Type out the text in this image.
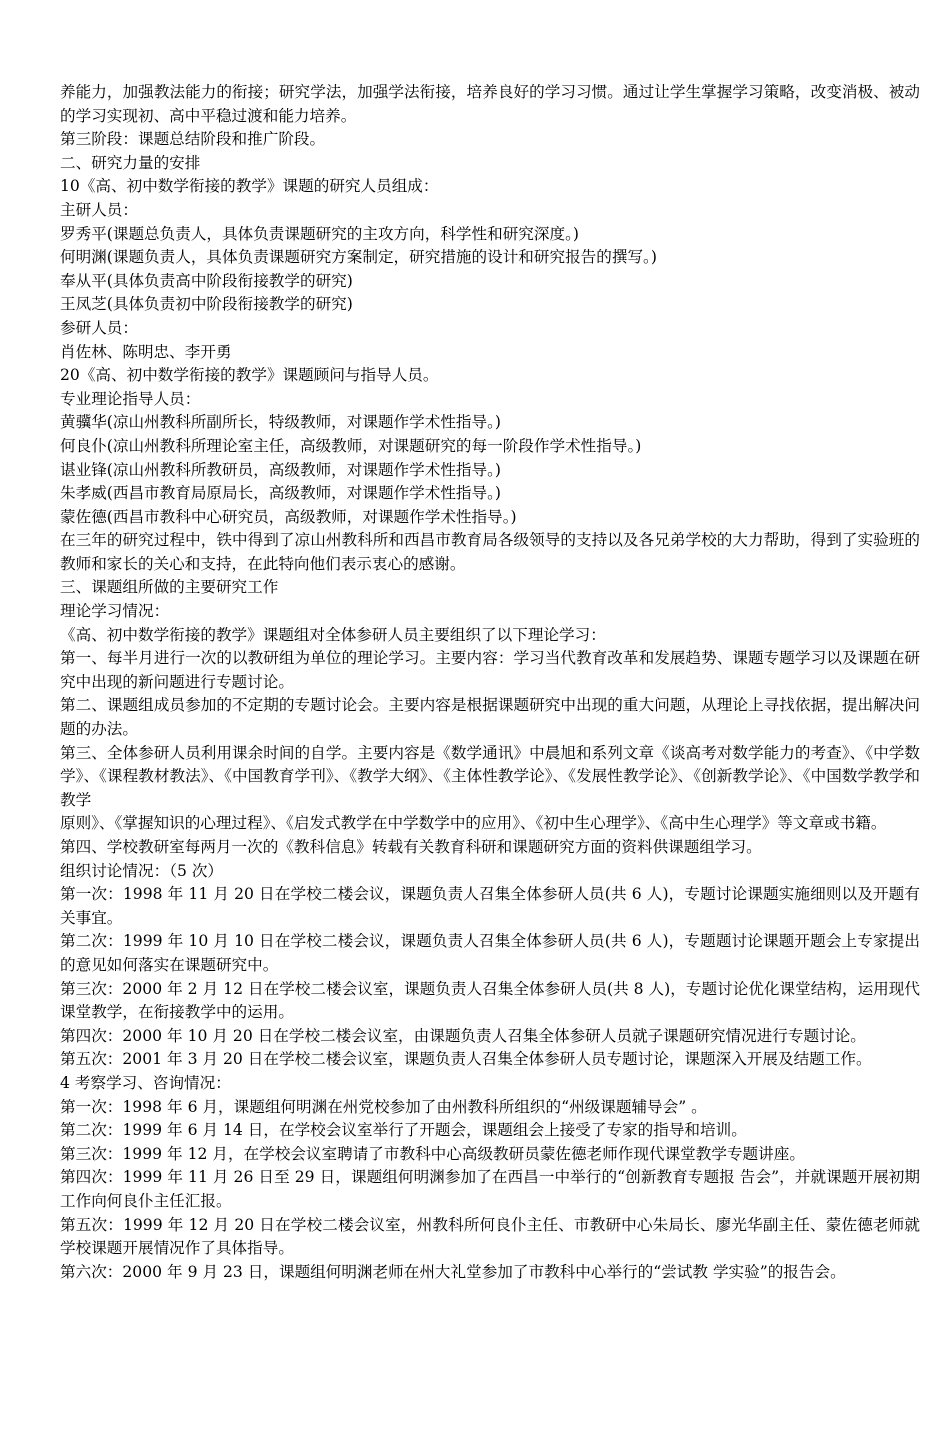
养能力，加强教法能力的衔接；研究学法，加强学法衔接，培养良好的学习习惯。通过让学生掌握学习策略，改变消极、被动的学习实现初、高中平稳过渡和能力培养。

第三阶段：课题总结阶段和推广阶段。

二、研究力量的安排

10《高、初中数学衔接的教学》课题的研究人员组成：

主研人员：

罗秀平(课题总负责人，具体负责课题研究的主攻方向，科学性和研究深度。)

何明渊(课题负责人，具体负责课题研究方案制定，研究措施的设计和研究报告的撰写。)

奉从平(具体负责高中阶段衔接教学的研究)

王凤芝(具体负责初中阶段衔接教学的研究)

参研人员：

肖佐林、陈明忠、李开勇

20《高、初中数学衔接的教学》课题顾问与指导人员。

专业理论指导人员：

黄骥华(凉山州教科所副所长，特级教师，对课题作学术性指导。)

何良仆(凉山州教科所理论室主任，高级教师，对课题研究的每一阶段作学术性指导。)

谌业锋(凉山州教科所教研员，高级教师，对课题作学术性指导。)

朱孝威(西昌市教育局原局长，高级教师，对课题作学术性指导。)

蒙佐德(西昌市教科中心研究员，高级教师，对课题作学术性指导。)

在三年的研究过程中，铁中得到了凉山州教科所和西昌市教育局各级领导的支持以及各兄弟学校的大力帮助，得到了实验班的教师和家长的关心和支持，在此特向他们表示衷心的感谢。

三、课题组所做的主要研究工作

理论学习情况：

《高、初中数学衔接的教学》课题组对全体参研人员主要组织了以下理论学习：

第一、每半月进行一次的以教研组为单位的理论学习。主要内容：学习当代教育改革和发展趋势、课题专题学习以及课题在研究中出现的新问题进行专题讨论。

第二、课题组成员参加的不定期的专题讨论会。主要内容是根据课题研究中出现的重大问题，从理论上寻找依据，提出解决问题的办法。

第三、全体参研人员利用课余时间的自学。主要内容是《数学通讯》中晨旭和系列文章《谈高考对数学能力的考查》、《中学数学》、《课程教材教法》、《中国教育学刊》、《教学大纲》、《主体性教学论》、《发展性教学论》、《创新教学论》、《中国数学教学和教学

原则》、《掌握知识的心理过程》、《启发式教学在中学数学中的应用》、《初中生心理学》、《高中生心理学》等文章或书籍。

第四、学校教研室每两月一次的《教科信息》转载有关教育科研和课题研究方面的资料供课题组学习。

组织讨论情况：（5 次）

第一次：1998 年 11 月 20 日在学校二楼会议，课题负责人召集全体参研人员(共 6 人)，专题讨论课题实施细则以及开题有关事宜。

第二次：1999 年 10 月 10 日在学校二楼会议，课题负责人召集全体参研人员(共 6 人)，专题题讨论课题开题会上专家提出的意见如何落实在课题研究中。

第三次：2000 年 2 月 12 日在学校二楼会议室，课题负责人召集全体参研人员(共 8 人)，专题讨论优化课堂结构，运用现代课堂教学，在衔接教学中的运用。

第四次：2000 年 10 月 20 日在学校二楼会议室，由课题负责人召集全体参研人员就子课题研究情况进行专题讨论。

第五次：2001 年 3 月 20 日在学校二楼会议室，课题负责人召集全体参研人员专题讨论，课题深入开展及结题工作。

4 考察学习、咨询情况：

第一次：1998 年 6 月，课题组何明渊在州党校参加了由州教科所组织的“州级课题辅导会” 。

第二次：1999 年 6 月 14 日，在学校会议室举行了开题会，课题组会上接受了专家的指导和培训。

第三次：1999 年 12 月，在学校会议室聘请了市教科中心高级教研员蒙佐德老师作现代课堂教学专题讲座。

第四次：1999 年 11 月 26 日至 29 日，课题组何明渊参加了在西昌一中举行的“创新教育专题报 告会”，并就课题开展初期工作向何良仆主任汇报。

第五次：1999 年 12 月 20 日在学校二楼会议室，州教科所何良仆主任、市教研中心朱局长、廖光华副主任、蒙佐德老师就学校课题开展情况作了具体指导。

第六次：2000 年 9 月 23 日，课题组何明渊老师在州大礼堂参加了市教科中心举行的“尝试教 学实验”的报告会。
